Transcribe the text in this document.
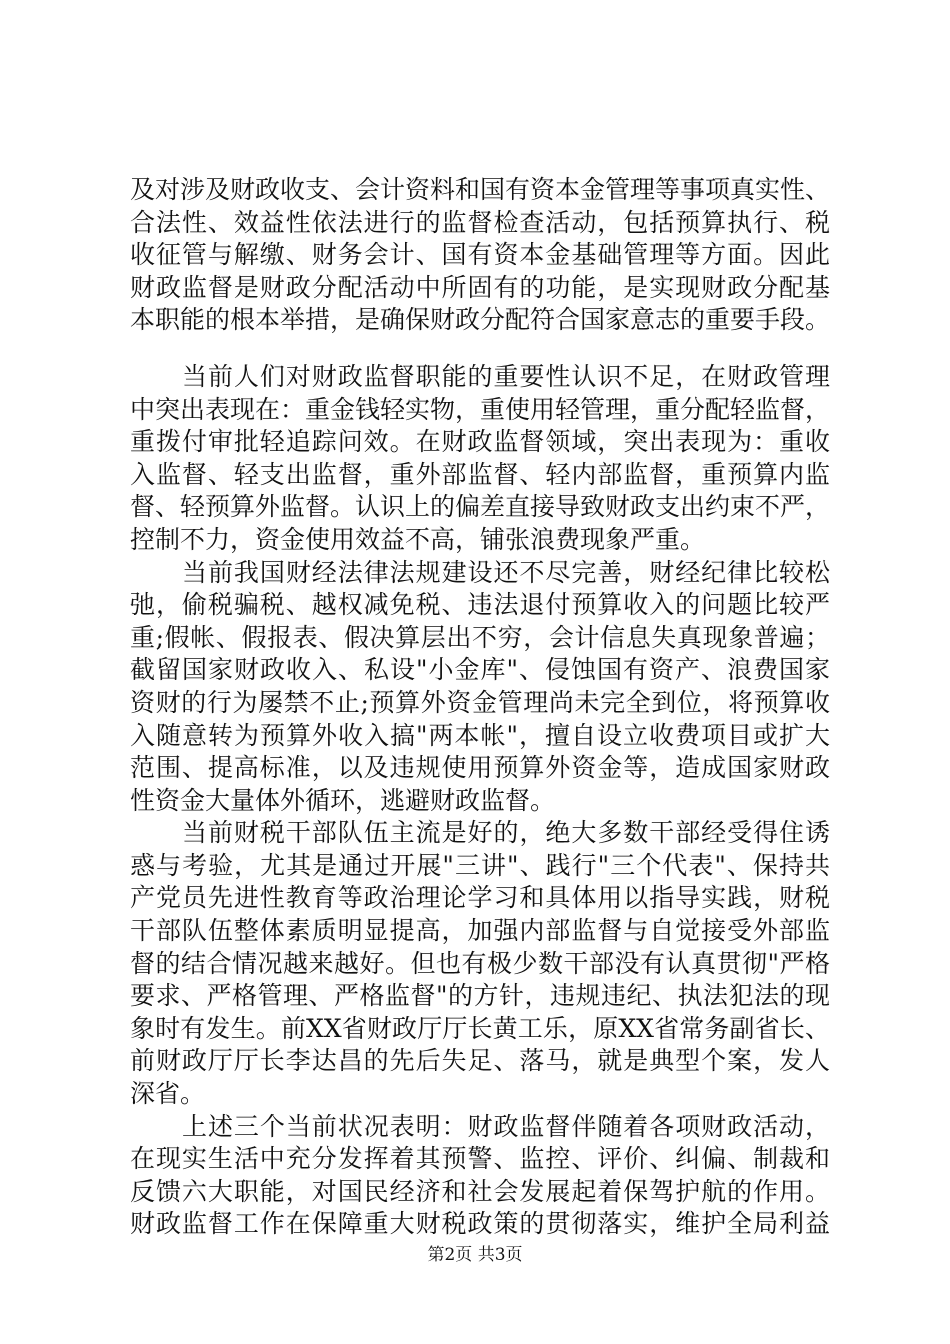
及对涉及财政收支、会计资料和国有资本金管理等事项真实性、
合法性、效益性依法进行的监督检查活动，包括预算执行、税
收征管与解缴、财务会计、国有资本金基础管理等方面。因此
财政监督是财政分配活动中所固有的功能，是实现财政分配基
本职能的根本举措，是确保财政分配符合国家意志的重要手段。
当前人们对财政监督职能的重要性认识不足，在财政管理
中突出表现在：重金钱轻实物，重使用轻管理，重分配轻监督，
重拨付审批轻追踪问效。在财政监督领域，突出表现为：重收
入监督、轻支出监督，重外部监督、轻内部监督，重预算内监
督、轻预算外监督。认识上的偏差直接导致财政支出约束不严，
控制不力，资金使用效益不高，铺张浪费现象严重。
当前我国财经法律法规建设还不尽完善，财经纪律比较松
弛，偷税骗税、越权减免税、违法退付预算收入的问题比较严
重;假帐、假报表、假决算层出不穷，会计信息失真现象普遍；
截留国家财政收入、私设"小金库"、侵蚀国有资产、浪费国家
资财的行为屡禁不止;预算外资金管理尚未完全到位，将预算收
入随意转为预算外收入搞"两本帐"，擅自设立收费项目或扩大
范围、提高标准，以及违规使用预算外资金等，造成国家财政
性资金大量体外循环，逃避财政监督。
当前财税干部队伍主流是好的，绝大多数干部经受得住诱
惑与考验，尤其是通过开展"三讲"、践行"三个代表"、保持共
产党员先进性教育等政治理论学习和具体用以指导实践，财税
干部队伍整体素质明显提高，加强内部监督与自觉接受外部监
督的结合情况越来越好。但也有极少数干部没有认真贯彻"严格
要求、严格管理、严格监督"的方针，违规违纪、执法犯法的现
象时有发生。前XX省财政厅厅长黄工乐，原XX省常务副省长、
前财政厅厅长李达昌的先后失足、落马，就是典型个案，发人
深省。
上述三个当前状况表明：财政监督伴随着各项财政活动，
在现实生活中充分发挥着其预警、监控、评价、纠偏、制裁和
反馈六大职能，对国民经济和社会发展起着保驾护航的作用。
财政监督工作在保障重大财税政策的贯彻落实，维护全局利益
第2页 共3页
